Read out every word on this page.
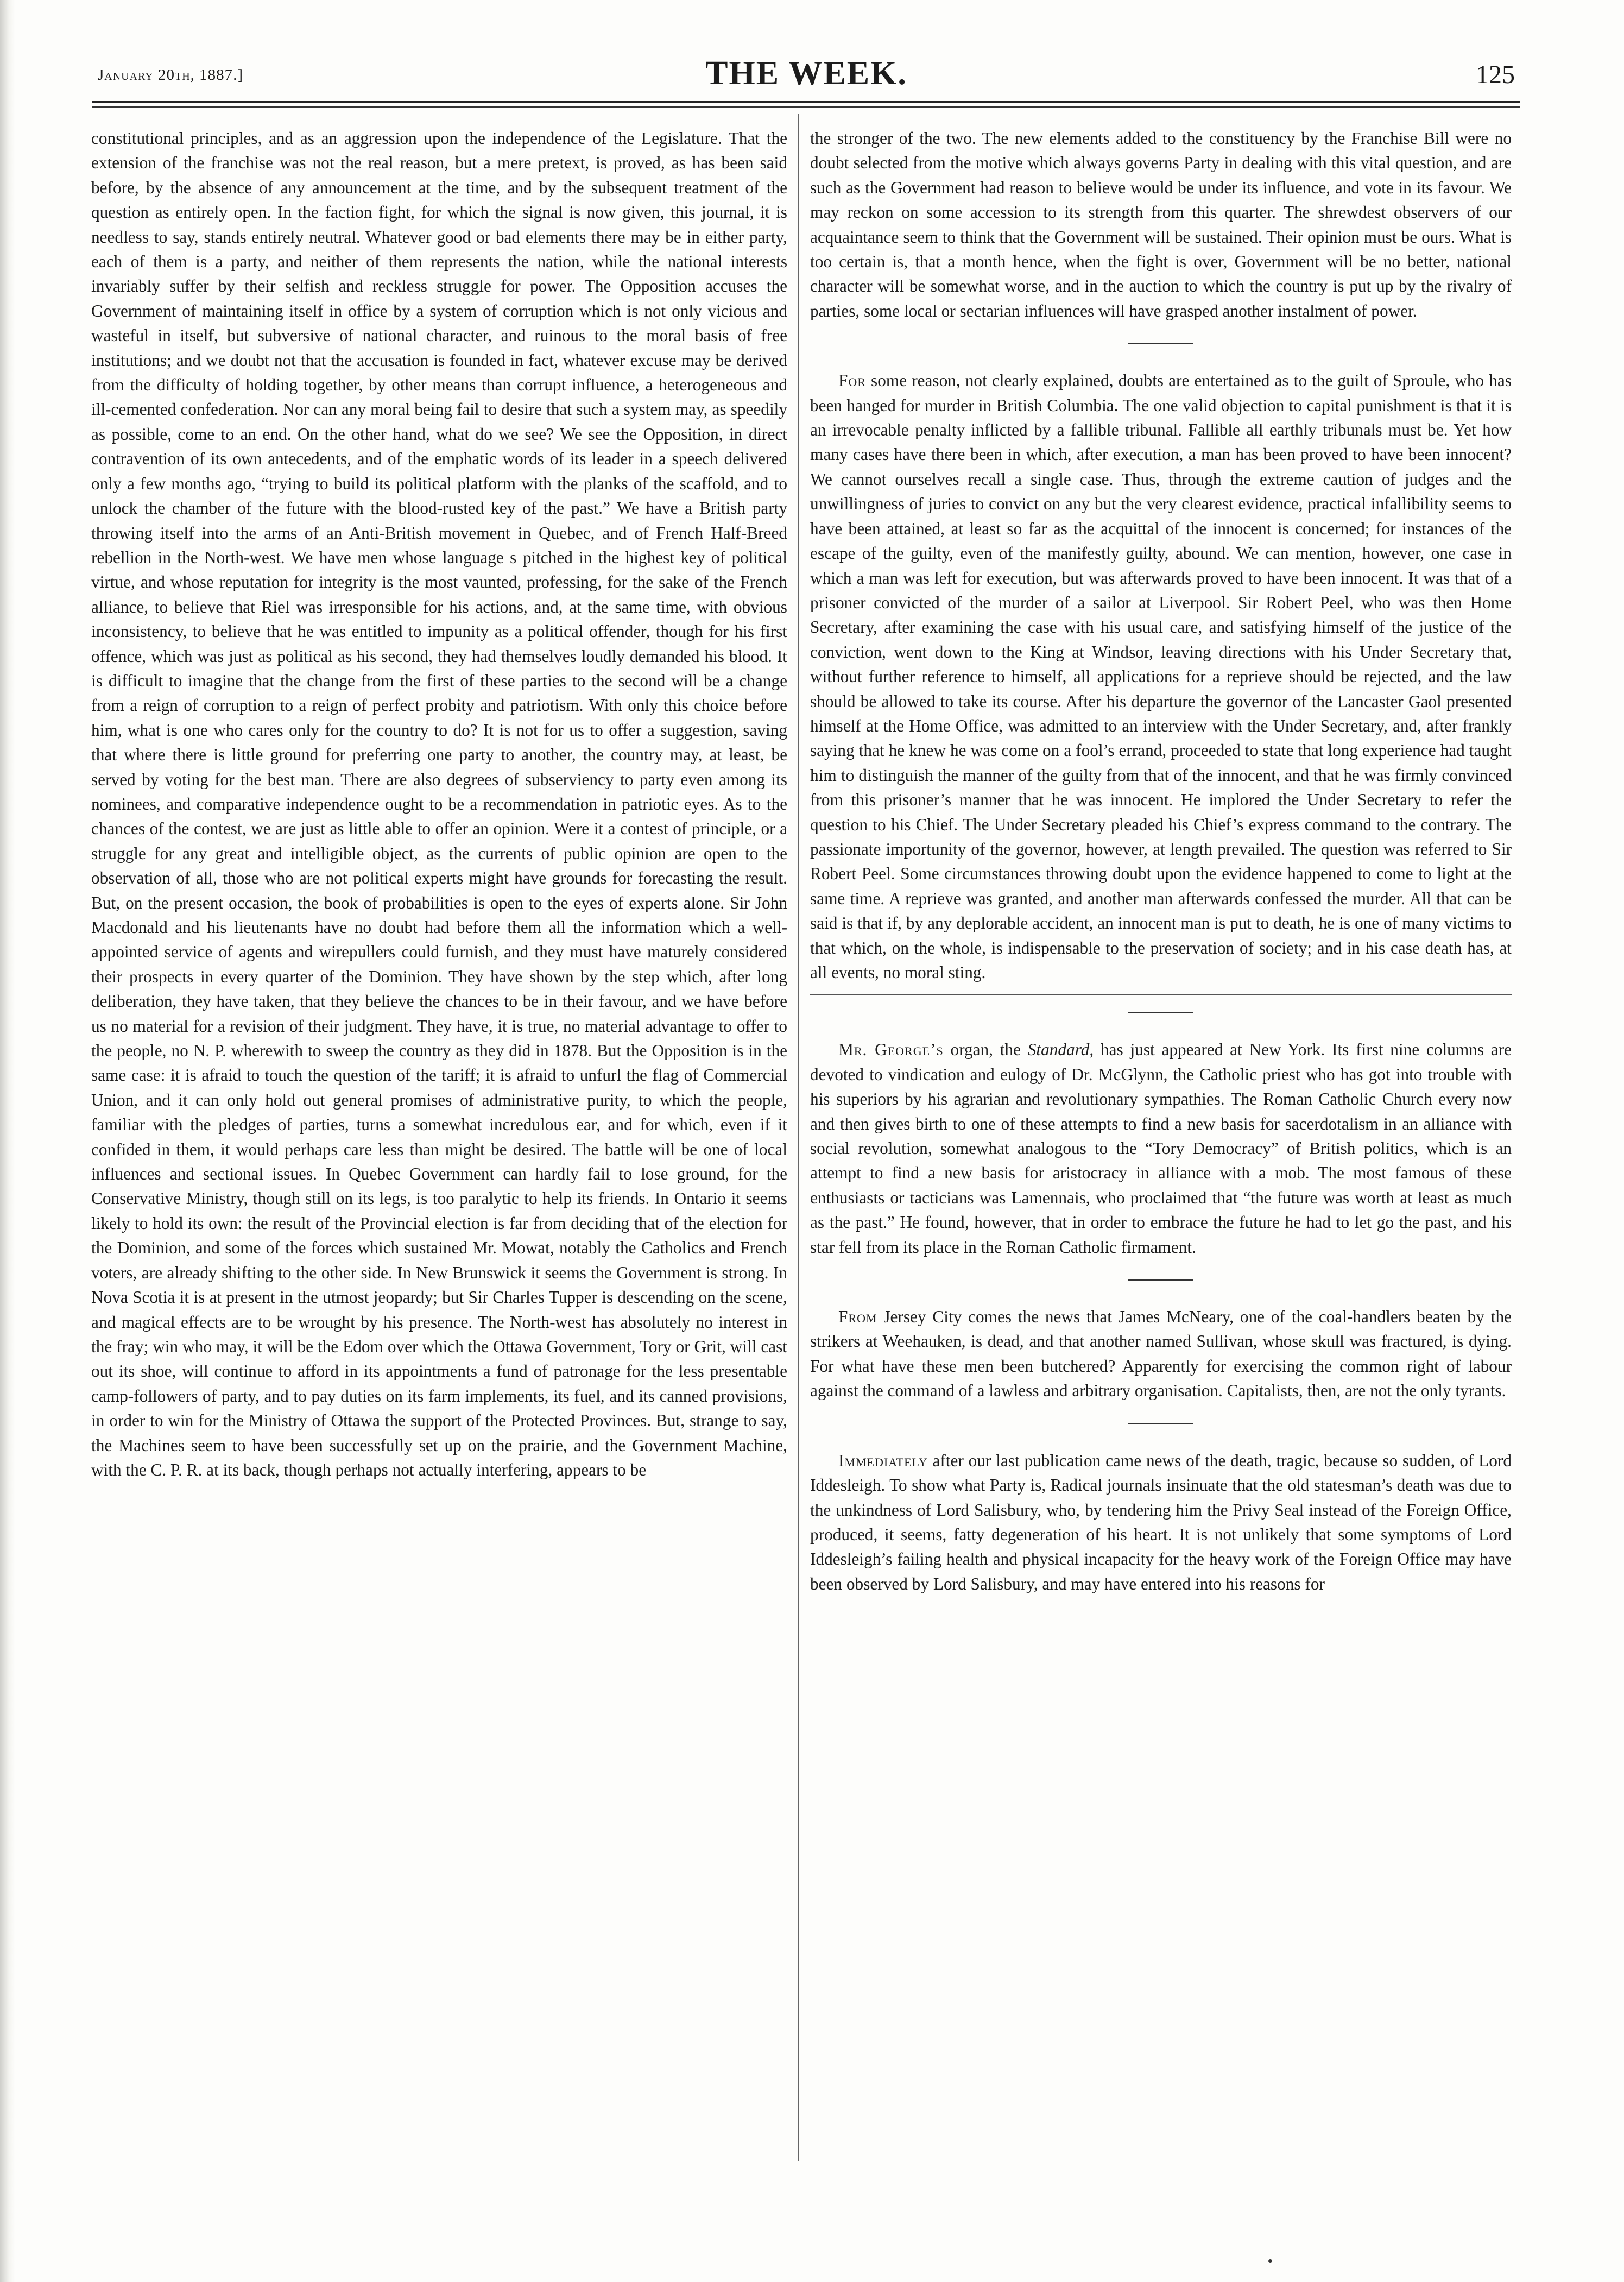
January 20th, 1887.]	THE WEEK.	125

constitutional principles, and as an aggression upon the independence of the Legislature. That the extension of the franchise was not the real reason, but a mere pretext, is proved, as has been said before, by the absence of any announcement at the time, and by the subsequent treatment of the question as entirely open. In the faction fight, for which the signal is now given, this journal, it is needless to say, stands entirely neutral. Whatever good or bad elements there may be in either party, each of them is a party, and neither of them represents the nation, while the national interests invariably suffer by their selfish and reckless struggle for power. The Opposition accuses the Government of maintaining itself in office by a system of corruption which is not only vicious and wasteful in itself, but subversive of national character, and ruinous to the moral basis of free institutions; and we doubt not that the accusation is founded in fact, whatever excuse may be derived from the difficulty of holding together, by other means than corrupt influence, a heterogeneous and ill-cemented confederation. Nor can any moral being fail to desire that such a system may, as speedily as possible, come to an end. On the other hand, what do we see? We see the Opposition, in direct contravention of its own antecedents, and of the emphatic words of its leader in a speech delivered only a few months ago, “trying to build its political platform with the planks of the scaffold, and to unlock the chamber of the future with the blood-rusted key of the past.” We have a British party throwing itself into the arms of an Anti-British movement in Quebec, and of French Half-Breed rebellion in the North-west. We have men whose language s pitched in the highest key of political virtue, and whose reputation for integrity is the most vaunted, professing, for the sake of the French alliance, to believe that Riel was irresponsible for his actions, and, at the same time, with obvious inconsistency, to believe that he was entitled to impunity as a political offender, though for his first offence, which was just as political as his second, they had themselves loudly demanded his blood. It is difficult to imagine that the change from the first of these parties to the second will be a change from a reign of corruption to a reign of perfect probity and patriotism. With only this choice before him, what is one who cares only for the country to do? It is not for us to offer a suggestion, saving that where there is little ground for preferring one party to another, the country may, at least, be served by voting for the best man. There are also degrees of subserviency to party even among its nominees, and comparative independence ought to be a recommendation in patriotic eyes. As to the chances of the contest, we are just as little able to offer an opinion. Were it a contest of principle, or a struggle for any great and intelligible object, as the currents of public opinion are open to the observation of all, those who are not political experts might have grounds for forecasting the result. But, on the present occasion, the book of probabilities is open to the eyes of experts alone. Sir John Macdonald and his lieutenants have no doubt had before them all the information which a well-appointed service of agents and wirepullers could furnish, and they must have maturely considered their prospects in every quarter of the Dominion. They have shown by the step which, after long deliberation, they have taken, that they believe the chances to be in their favour, and we have before us no material for a revision of their judgment. They have, it is true, no material advantage to offer to the people, no N. P. wherewith to sweep the country as they did in 1878. But the Opposition is in the same case: it is afraid to touch the question of the tariff; it is afraid to unfurl the flag of Commercial Union, and it can only hold out general promises of administrative purity, to which the people, familiar with the pledges of parties, turns a somewhat incredulous ear, and for which, even if it confided in them, it would perhaps care less than might be desired. The battle will be one of local influences and sectional issues. In Quebec Government can hardly fail to lose ground, for the Conservative Ministry, though still on its legs, is too paralytic to help its friends. In Ontario it seems likely to hold its own: the result of the Provincial election is far from deciding that of the election for the Dominion, and some of the forces which sustained Mr. Mowat, notably the Catholics and French voters, are already shifting to the other side. In New Brunswick it seems the Government is strong. In Nova Scotia it is at present in the utmost jeopardy; but Sir Charles Tupper is descending on the scene, and magical effects are to be wrought by his presence. The North-west has absolutely no interest in the fray; win who may, it will be the Edom over which the Ottawa Government, Tory or Grit, will cast out its shoe, will continue to afford in its appointments a fund of patronage for the less presentable camp-followers of party, and to pay duties on its farm implements, its fuel, and its canned provisions, in order to win for the Ministry of Ottawa the support of the Protected Provinces. But, strange to say, the Machines seem to have been successfully set up on the prairie, and the Government Machine, with the C. P. R. at its back, though perhaps not actually interfering, appears to be

the stronger of the two. The new elements added to the constituency by the Franchise Bill were no doubt selected from the motive which always governs Party in dealing with this vital question, and are such as the Government had reason to believe would be under its influence, and vote in its favour. We may reckon on some accession to its strength from this quarter. The shrewdest observers of our acquaintance seem to think that the Government will be sustained. Their opinion must be ours. What is too certain is, that a month hence, when the fight is over, Government will be no better, national character will be somewhat worse, and in the auction to which the country is put up by the rivalry of parties, some local or sectarian influences will have grasped another instalment of power.

For some reason, not clearly explained, doubts are entertained as to the guilt of Sproule, who has been hanged for murder in British Columbia. The one valid objection to capital punishment is that it is an irrevocable penalty inflicted by a fallible tribunal. Fallible all earthly tribunals must be. Yet how many cases have there been in which, after execution, a man has been proved to have been innocent? We cannot ourselves recall a single case. Thus, through the extreme caution of judges and the unwillingness of juries to convict on any but the very clearest evidence, practical infallibility seems to have been attained, at least so far as the acquittal of the innocent is concerned; for instances of the escape of the guilty, even of the manifestly guilty, abound. We can mention, however, one case in which a man was left for execution, but was afterwards proved to have been innocent. It was that of a prisoner convicted of the murder of a sailor at Liverpool. Sir Robert Peel, who was then Home Secretary, after examining the case with his usual care, and satisfying himself of the justice of the conviction, went down to the King at Windsor, leaving directions with his Under Secretary that, without further reference to himself, all applications for a reprieve should be rejected, and the law should be allowed to take its course. After his departure the governor of the Lancaster Gaol presented himself at the Home Office, was admitted to an interview with the Under Secretary, and, after frankly saying that he knew he was come on a fool’s errand, proceeded to state that long experience had taught him to distinguish the manner of the guilty from that of the innocent, and that he was firmly convinced from this prisoner’s manner that he was innocent. He implored the Under Secretary to refer the question to his Chief. The Under Secretary pleaded his Chief’s express command to the contrary. The passionate importunity of the governor, however, at length prevailed. The question was referred to Sir Robert Peel. Some circumstances throwing doubt upon the evidence happened to come to light at the same time. A reprieve was granted, and another man afterwards confessed the murder. All that can be said is that if, by any deplorable accident, an innocent man is put to death, he is one of many victims to that which, on the whole, is indispensable to the preservation of society; and in his case death has, at all events, no moral sting.

Mr. George’s organ, the Standard, has just appeared at New York. Its first nine columns are devoted to vindication and eulogy of Dr. McGlynn, the Catholic priest who has got into trouble with his superiors by his agrarian and revolutionary sympathies. The Roman Catholic Church every now and then gives birth to one of these attempts to find a new basis for sacerdotalism in an alliance with social revolution, somewhat analogous to the “Tory Democracy” of British politics, which is an attempt to find a new basis for aristocracy in alliance with a mob. The most famous of these enthusiasts or tacticians was Lamennais, who proclaimed that “the future was worth at least as much as the past.” He found, however, that in order to embrace the future he had to let go the past, and his star fell from its place in the Roman Catholic firmament.

From Jersey City comes the news that James McNeary, one of the coal-handlers beaten by the strikers at Weehauken, is dead, and that another named Sullivan, whose skull was fractured, is dying. For what have these men been butchered? Apparently for exercising the common right of labour against the command of a lawless and arbitrary organisation. Capitalists, then, are not the only tyrants.

Immediately after our last publication came news of the death, tragic, because so sudden, of Lord Iddesleigh. To show what Party is, Radical journals insinuate that the old statesman’s death was due to the unkindness of Lord Salisbury, who, by tendering him the Privy Seal instead of the Foreign Office, produced, it seems, fatty degeneration of his heart. It is not unlikely that some symptoms of Lord Iddesleigh’s failing health and physical incapacity for the heavy work of the Foreign Office may have been observed by Lord Salisbury, and may have entered into his reasons for
